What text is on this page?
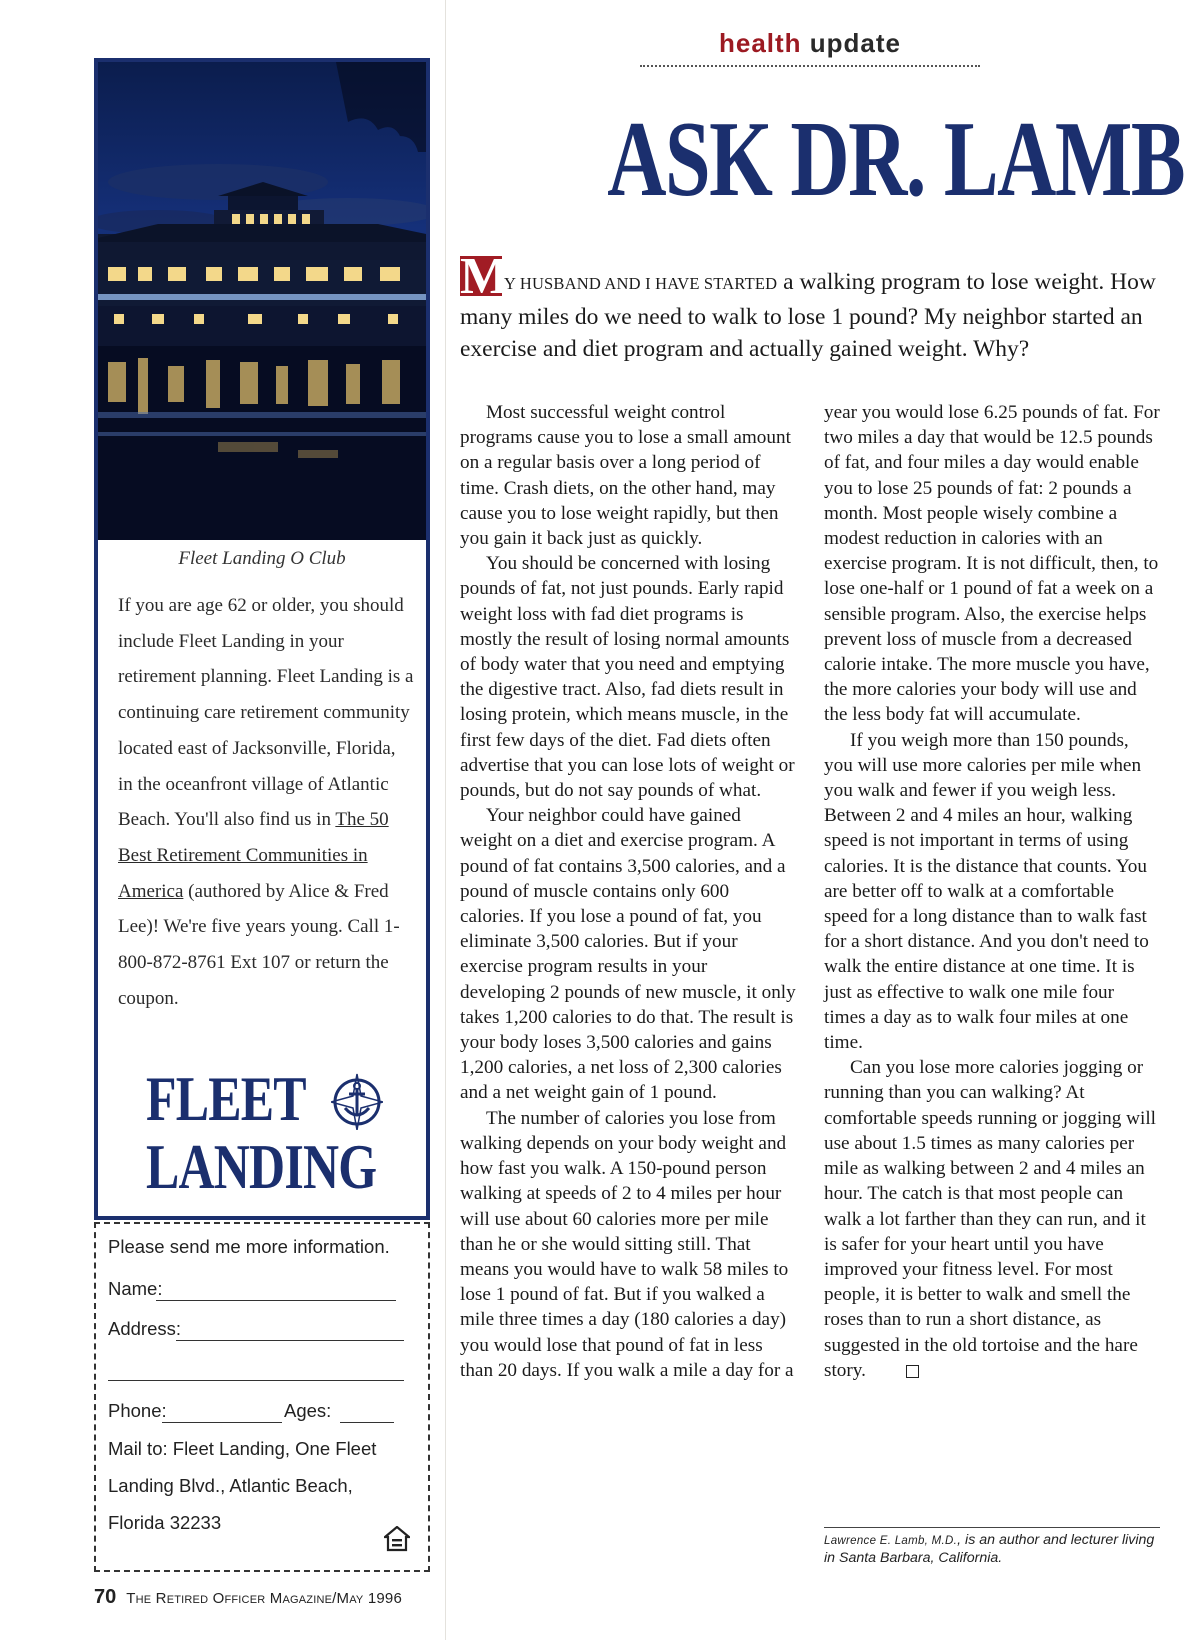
Fleet Landing O Club
If you are age 62 or older, you should include Fleet Landing in your retirement planning. Fleet Landing is a continuing care retirement community located east of Jacksonville, Florida, in the oceanfront village of Atlantic Beach. You'll also find us in The 50 Best Retirement Communities in America (authored by Alice & Fred Lee)! We're five years young. Call 1-800-872-8761 Ext 107 or return the coupon.
FLEET
LANDING
Please send me more information.
Name:
Address:
Phone:	Ages:
Mail to: Fleet Landing, One Fleet
Landing Blvd., Atlantic Beach,
Florida 32233
70 The Retired Officer Magazine/May 1996
health update
ASK DR. LAMB
M
Y HUSBAND AND I HAVE STARTED a walking program to lose weight. How many miles do we need to walk to lose 1 pound? My neighbor started an exercise and diet program and actually gained weight. Why?

Most successful weight control programs cause you to lose a small amount on a regular basis over a long period of time. Crash diets, on the other hand, may cause you to lose weight rapidly, but then you gain it back just as quickly.

You should be concerned with losing pounds of fat, not just pounds. Early rapid weight loss with fad diet programs is mostly the result of losing normal amounts of body water that you need and emptying the digestive tract. Also, fad diets result in losing protein, which means muscle, in the first few days of the diet. Fad diets often advertise that you can lose lots of weight or pounds, but do not say pounds of what.

Your neighbor could have gained weight on a diet and exercise program. A pound of fat contains 3,500 calories, and a pound of muscle contains only 600 calories. If you lose a pound of fat, you eliminate 3,500 calories. But if your exercise program results in your developing 2 pounds of new muscle, it only takes 1,200 calories to do that. The result is your body loses 3,500 calories and gains 1,200 calories, a net loss of 2,300 calories and a net weight gain of 1 pound.

The number of calories you lose from walking depends on your body weight and how fast you walk. A 150-pound person walking at speeds of 2 to 4 miles per hour will use about 60 calories more per mile than he or she would sitting still. That means you would have to walk 58 miles to lose 1 pound of fat. But if you walked a mile three times a day (180 calories a day) you would lose that pound of fat in less than 20 days. If you walk a mile a day for a

year you would lose 6.25 pounds of fat. For two miles a day that would be 12.5 pounds of fat, and four miles a day would enable you to lose 25 pounds of fat: 2 pounds a month. Most people wisely combine a modest reduction in calories with an exercise program. It is not difficult, then, to lose one-half or 1 pound of fat a week on a sensible program. Also, the exercise helps prevent loss of muscle from a decreased calorie intake. The more muscle you have, the more calories your body will use and the less body fat will accumulate.

If you weigh more than 150 pounds, you will use more calories per mile when you walk and fewer if you weigh less. Between 2 and 4 miles an hour, walking speed is not important in terms of using calories. It is the distance that counts. You are better off to walk at a comfortable speed for a long distance than to walk fast for a short distance. And you don't need to walk the entire distance at one time. It is just as effective to walk one mile four times a day as to walk four miles at one time.

Can you lose more calories jogging or running than you can walking? At comfortable speeds running or jogging will use about 1.5 times as many calories per mile as walking between 2 and 4 miles an hour. The catch is that most people can walk a lot farther than they can run, and it is safer for your heart until you have improved your fitness level. For most people, it is better to walk and smell the roses than to run a short distance, as suggested in the old tortoise and the hare story.

Lawrence E. Lamb, M.D., is an author and lecturer living in Santa Barbara, California.
